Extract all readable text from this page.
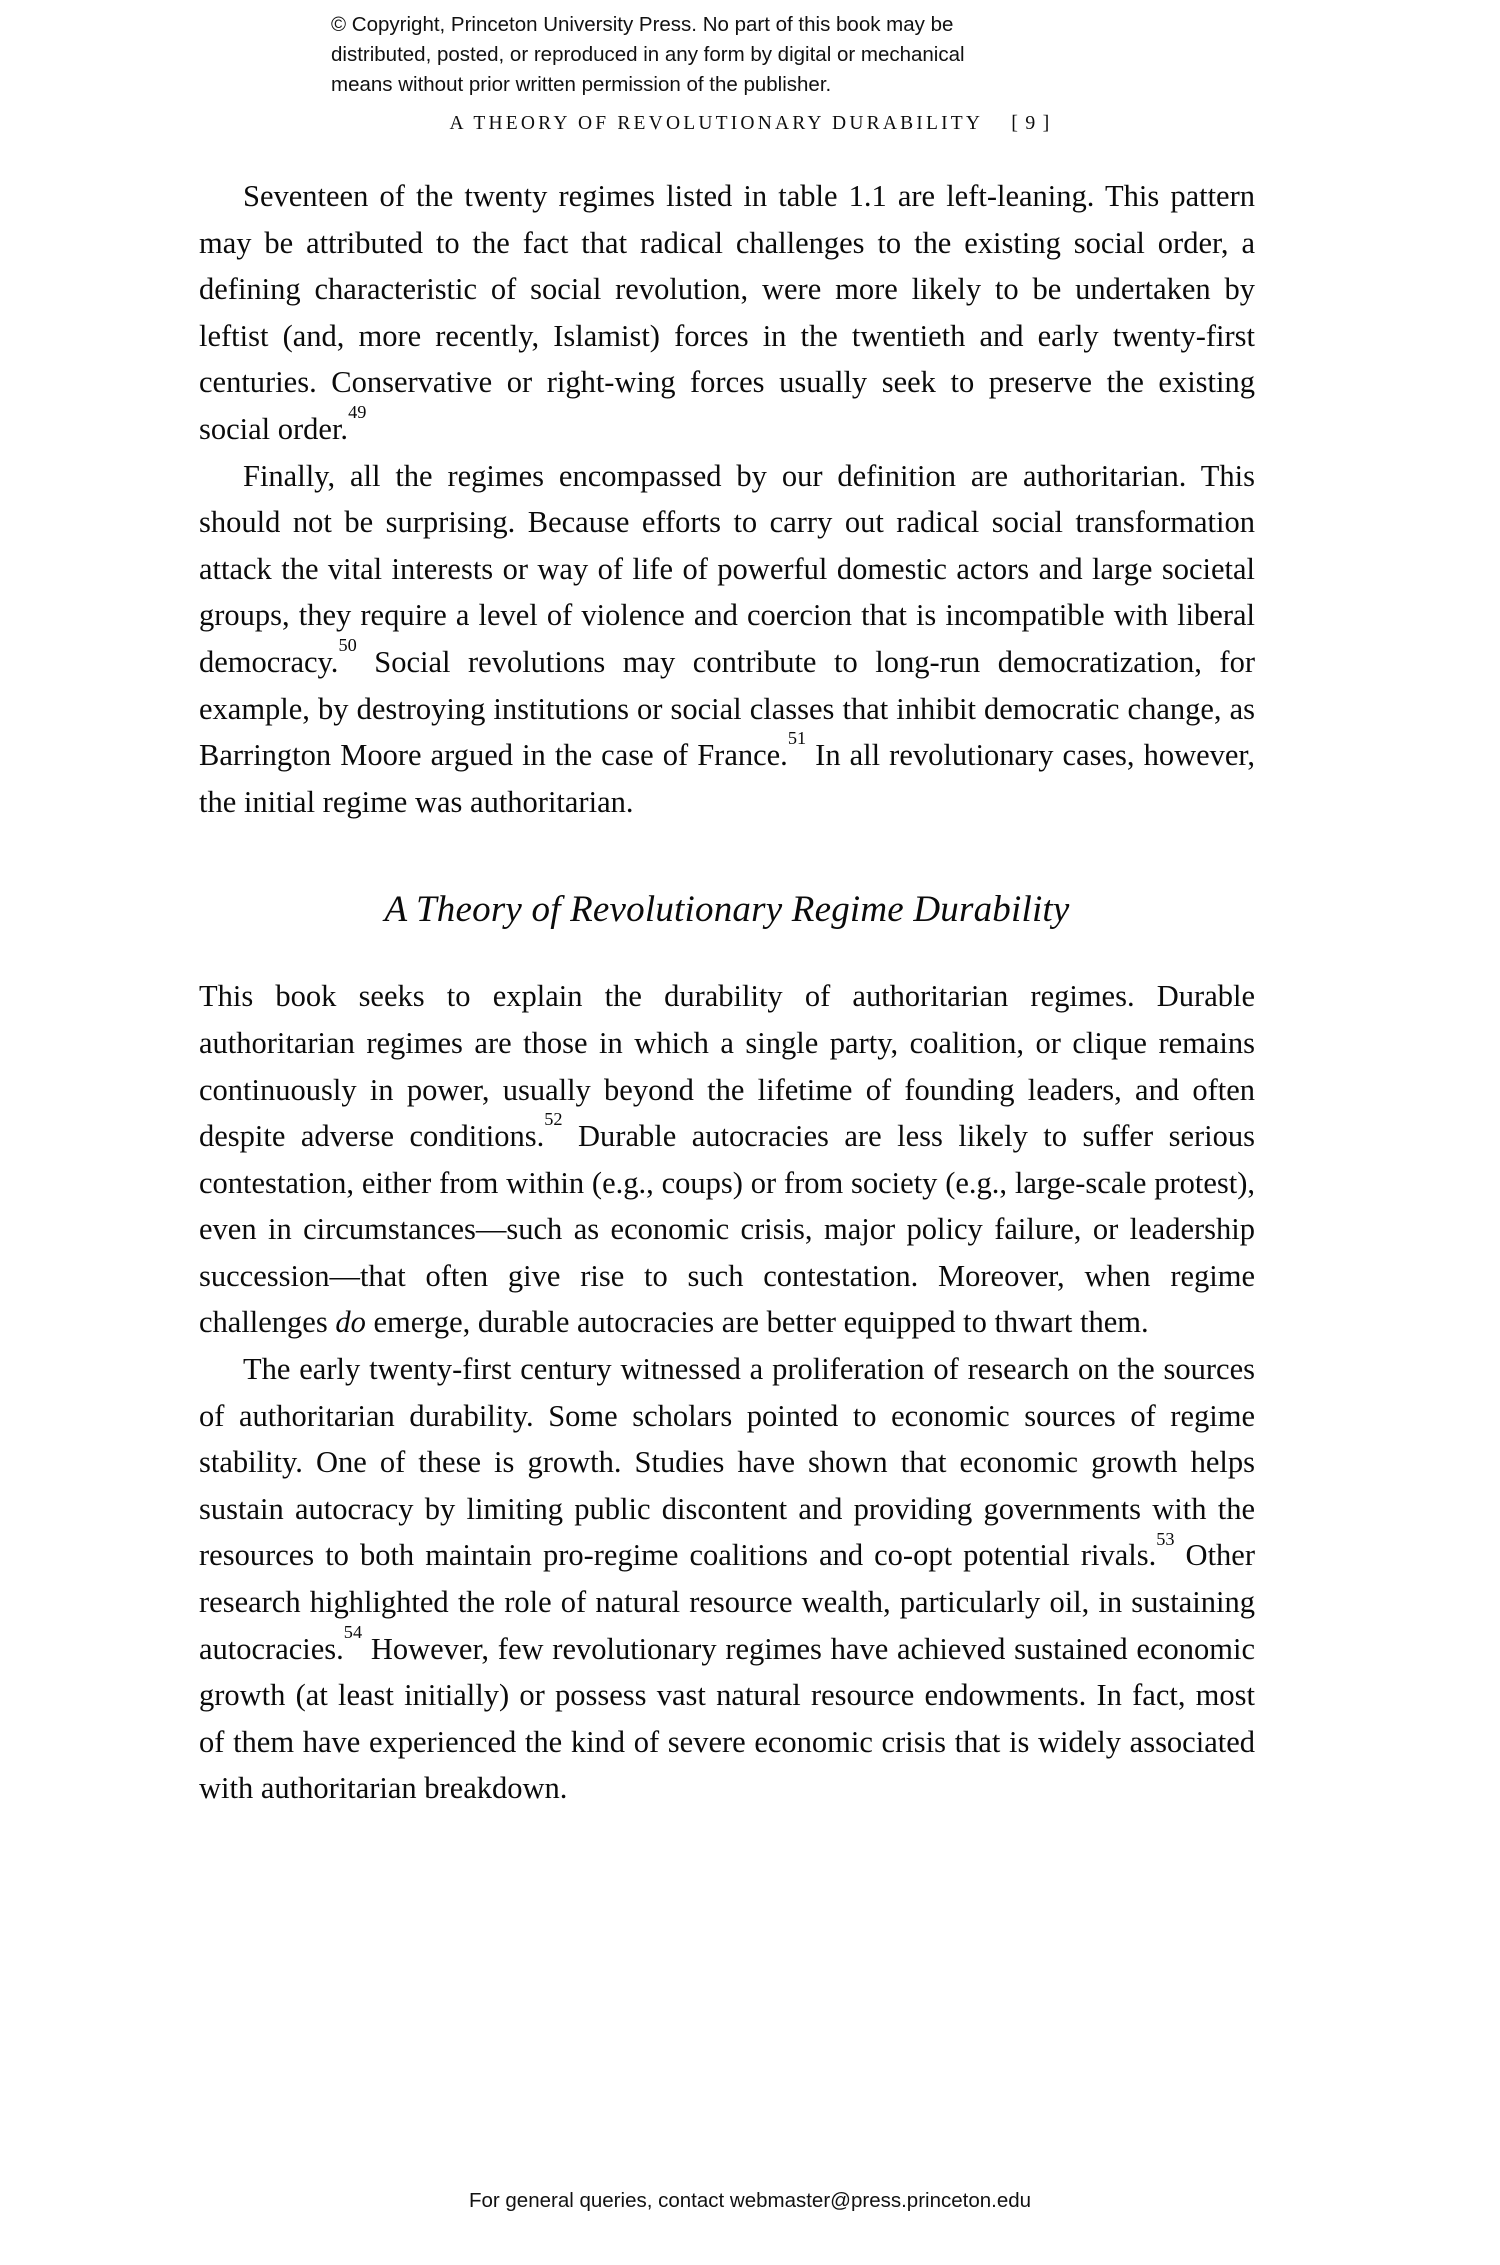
© Copyright, Princeton University Press. No part of this book may be
distributed, posted, or reproduced in any form by digital or mechanical
means without prior written permission of the publisher.
A THEORY OF REVOLUTIONARY DURABILITY [ 9 ]

Seventeen of the twenty regimes listed in table 1.1 are left-leaning. This pattern may be attributed to the fact that radical challenges to the existing social order, a defining characteristic of social revolution, were more likely to be undertaken by leftist (and, more recently, Islamist) forces in the twentieth and early twenty-first centuries. Conservative or right-wing forces usually seek to preserve the existing social order.$^{49}$

Finally, all the regimes encompassed by our definition are authoritarian. This should not be surprising. Because efforts to carry out radical social transformation attack the vital interests or way of life of powerful domestic actors and large societal groups, they require a level of violence and coercion that is incompatible with liberal democracy.$^{50}$ Social revolutions may contribute to long-run democratization, for example, by destroying institutions or social classes that inhibit democratic change, as Barrington Moore argued in the case of France.$^{51}$ In all revolutionary cases, however, the initial regime was authoritarian.

A Theory of Revolutionary Regime Durability

This book seeks to explain the durability of authoritarian regimes. Durable authoritarian regimes are those in which a single party, coalition, or clique remains continuously in power, usually beyond the lifetime of founding leaders, and often despite adverse conditions.$^{52}$ Durable autocracies are less likely to suffer serious contestation, either from within (e.g., coups) or from society (e.g., large-scale protest), even in circumstances—such as economic crisis, major policy failure, or leadership succession—that often give rise to such contestation. Moreover, when regime challenges do emerge, durable autocracies are better equipped to thwart them.

The early twenty-first century witnessed a proliferation of research on the sources of authoritarian durability. Some scholars pointed to economic sources of regime stability. One of these is growth. Studies have shown that economic growth helps sustain autocracy by limiting public discontent and providing governments with the resources to both maintain pro-regime coalitions and co-opt potential rivals.$^{53}$ Other research highlighted the role of natural resource wealth, particularly oil, in sustaining autocracies.$^{54}$ However, few revolutionary regimes have achieved sustained economic growth (at least initially) or possess vast natural resource endowments. In fact, most of them have experienced the kind of severe economic crisis that is widely associated with authoritarian breakdown.

For general queries, contact webmaster@press.princeton.edu
